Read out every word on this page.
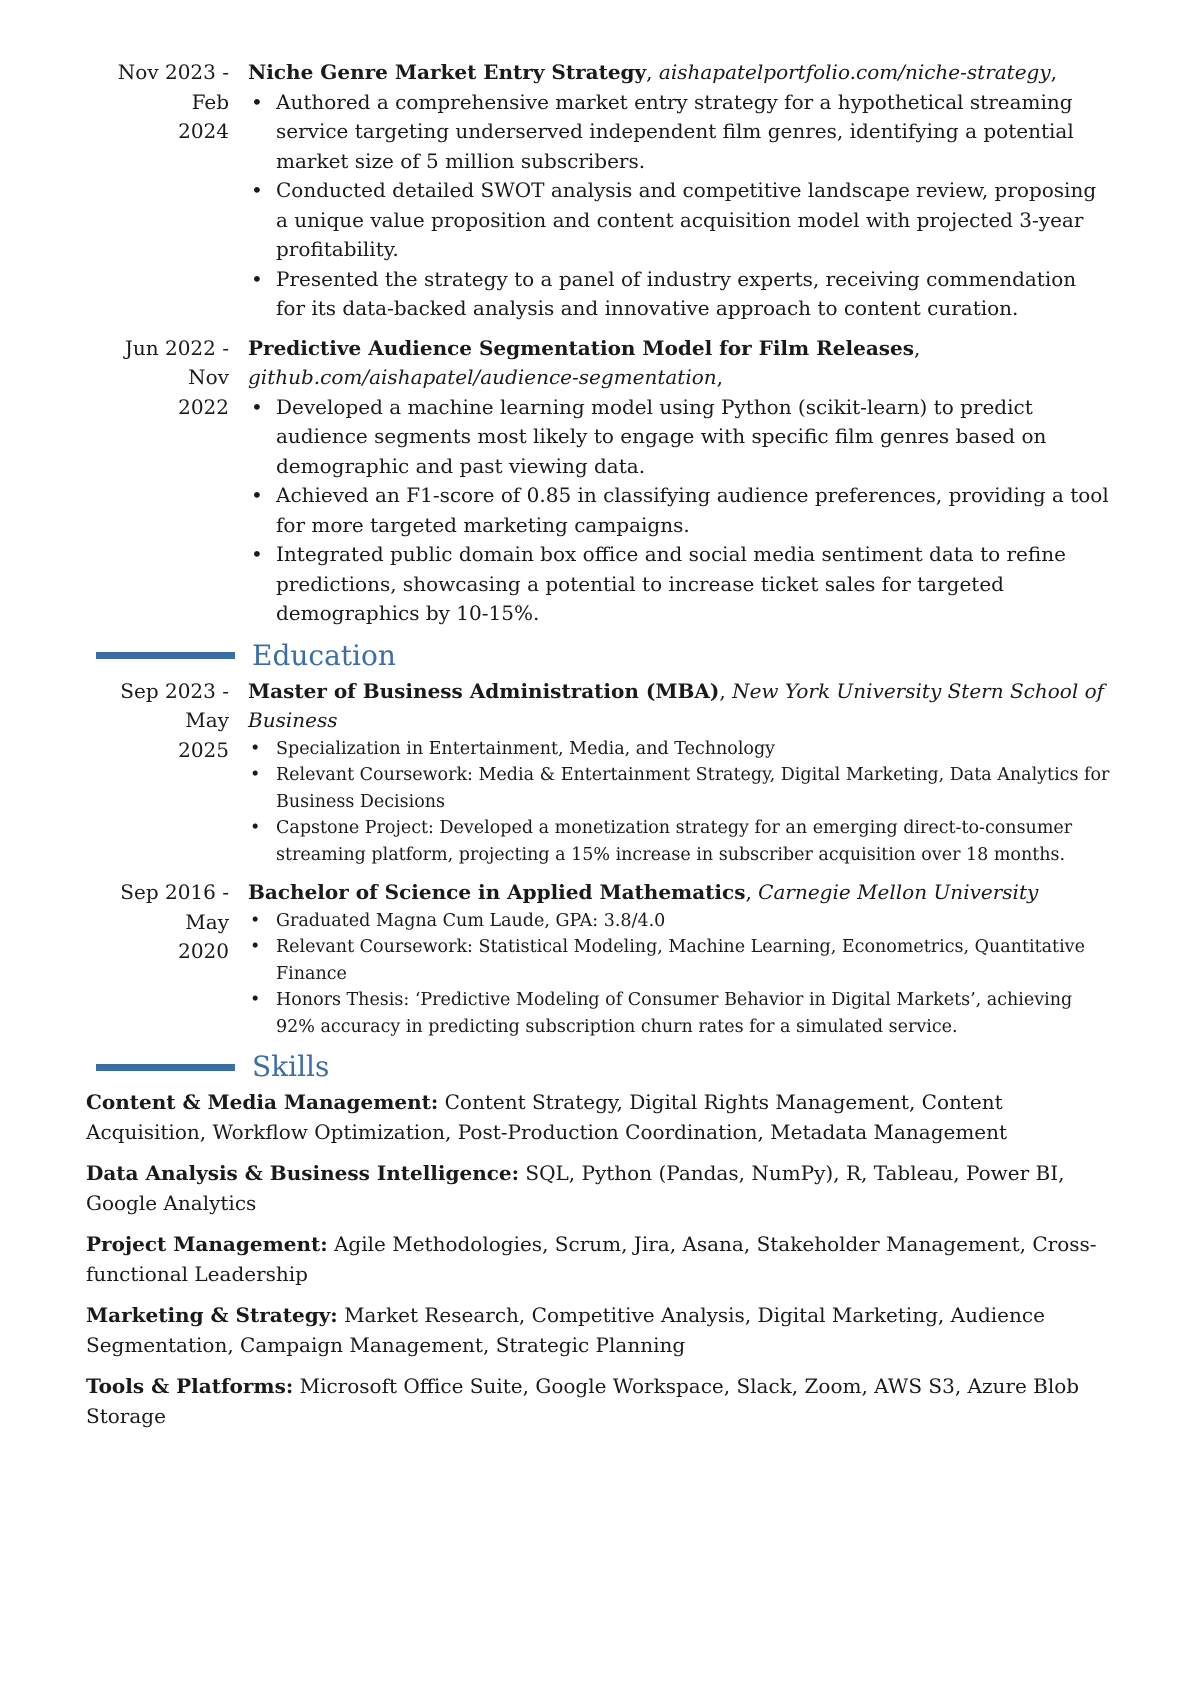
Nov 2023 - Feb
2024
Niche Genre Market Entry Strategy, aishapatelportfolio.com/niche-strategy,
• Authored a comprehensive market entry strategy for a hypothetical streaming service targeting underserved independent film genres, identifying a potential market size of 5 million subscribers.
• Conducted detailed SWOT analysis and competitive landscape review, proposing a unique value proposition and content acquisition model with projected 3-year profitability.
• Presented the strategy to a panel of industry experts, receiving commendation for its data-backed analysis and innovative approach to content curation.
Jun 2022 - Nov
2022
Predictive Audience Segmentation Model for Film Releases, github.com/aishapatel/audience-segmentation,
• Developed a machine learning model using Python (scikit-learn) to predict audience segments most likely to engage with specific film genres based on demographic and past viewing data.
• Achieved an F1-score of 0.85 in classifying audience preferences, providing a tool for more targeted marketing campaigns.
• Integrated public domain box office and social media sentiment data to refine predictions, showcasing a potential to increase ticket sales for targeted demographics by 10-15%.
Education
Sep 2023 - May
2025
Master of Business Administration (MBA), New York University Stern School of Business
• Specialization in Entertainment, Media, and Technology
• Relevant Coursework: Media & Entertainment Strategy, Digital Marketing, Data Analytics for Business Decisions
• Capstone Project: Developed a monetization strategy for an emerging direct-to-consumer streaming platform, projecting a 15% increase in subscriber acquisition over 18 months.
Sep 2016 - May
2020
Bachelor of Science in Applied Mathematics, Carnegie Mellon University
• Graduated Magna Cum Laude, GPA: 3.8/4.0
• Relevant Coursework: Statistical Modeling, Machine Learning, Econometrics, Quantitative Finance
• Honors Thesis: ‘Predictive Modeling of Consumer Behavior in Digital Markets’, achieving 92% accuracy in predicting subscription churn rates for a simulated service.
Skills
Content & Media Management: Content Strategy, Digital Rights Management, Content Acquisition, Workflow Optimization, Post-Production Coordination, Metadata Management
Data Analysis & Business Intelligence: SQL, Python (Pandas, NumPy), R, Tableau, Power BI, Google Analytics
Project Management: Agile Methodologies, Scrum, Jira, Asana, Stakeholder Management, Cross-functional Leadership
Marketing & Strategy: Market Research, Competitive Analysis, Digital Marketing, Audience Segmentation, Campaign Management, Strategic Planning
Tools & Platforms: Microsoft Office Suite, Google Workspace, Slack, Zoom, AWS S3, Azure Blob Storage
